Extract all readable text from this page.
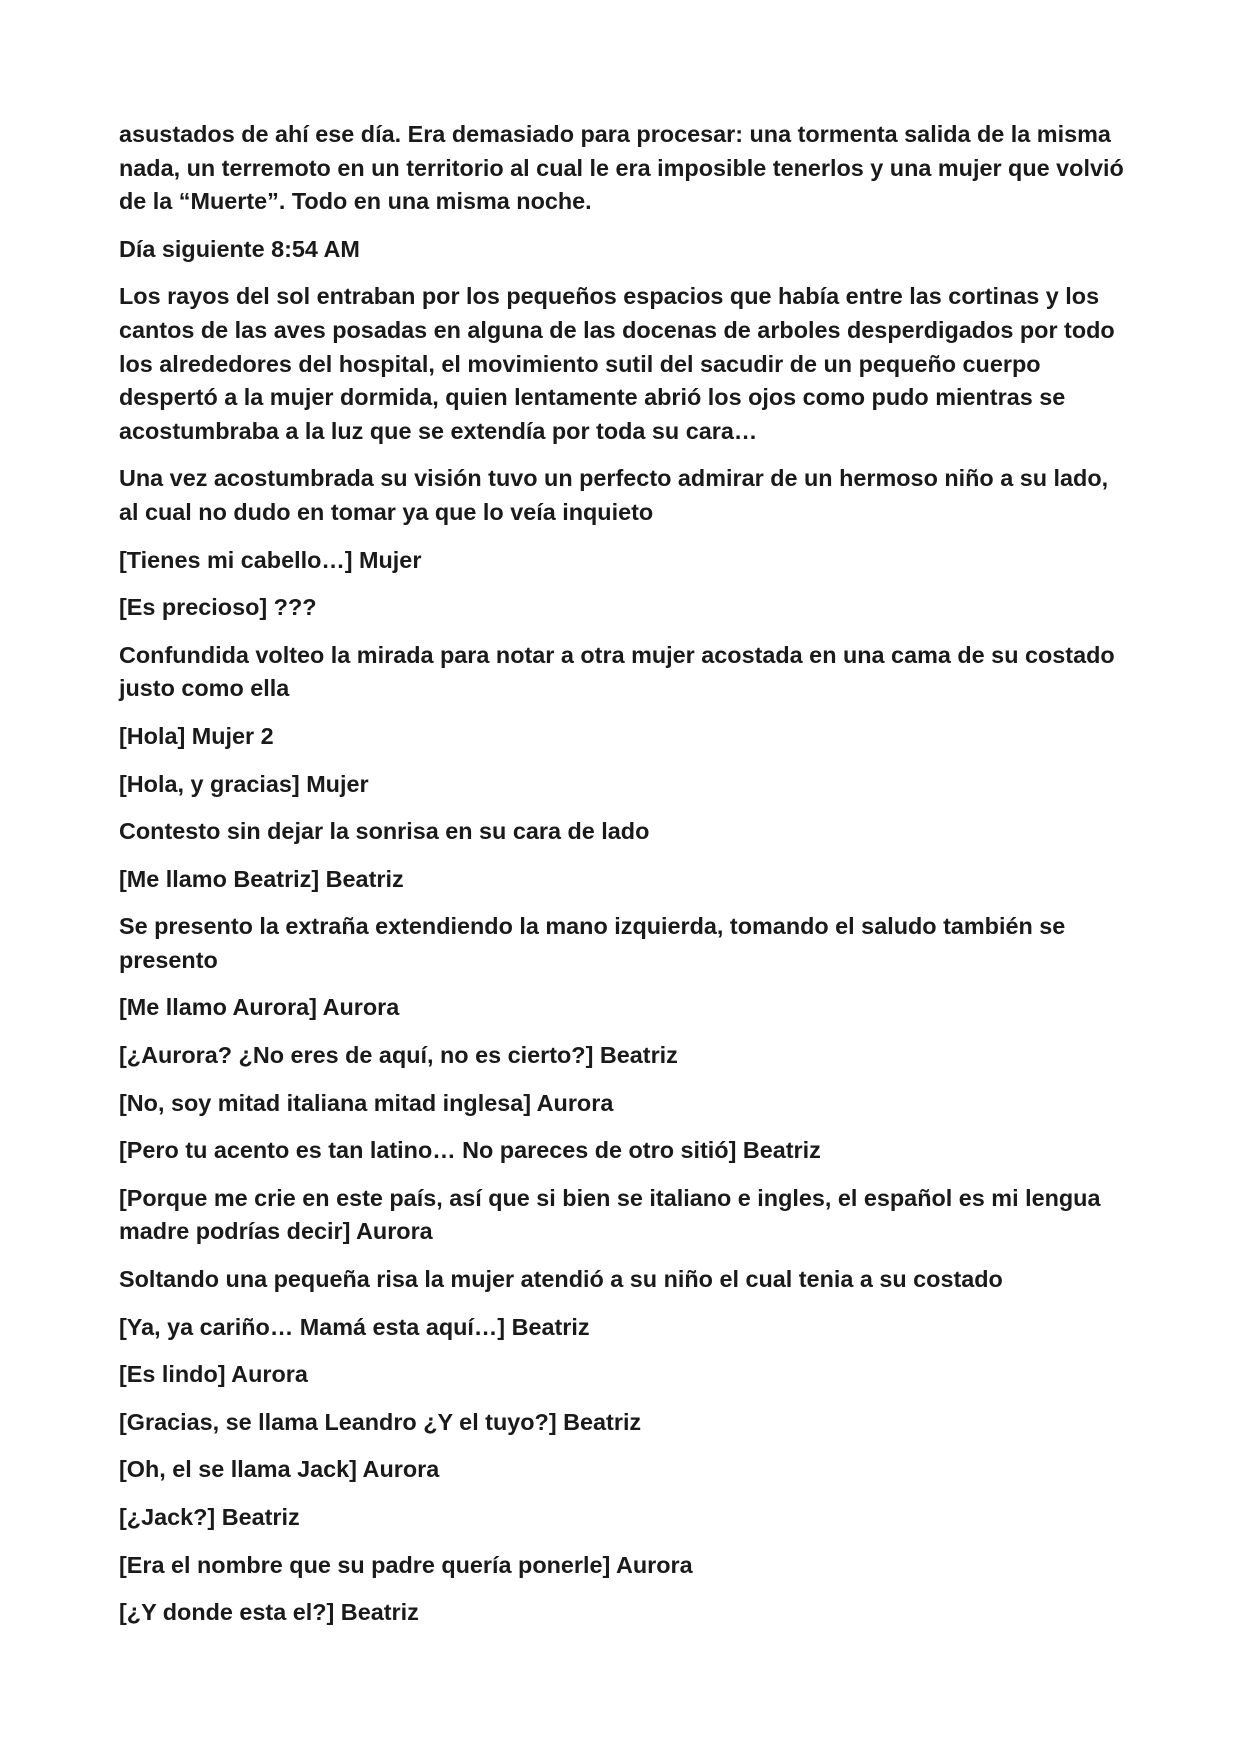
asustados de ahí ese día. Era demasiado para procesar: una tormenta salida de la misma nada, un terremoto en un territorio al cual le era imposible tenerlos y una mujer que volvió de la “Muerte”. Todo en una misma noche.

Día siguiente 8:54 AM

Los rayos del sol entraban por los pequeños espacios que había entre las cortinas y los cantos de las aves posadas en alguna de las docenas de arboles desperdigados por todo los alrededores del hospital, el movimiento sutil del sacudir de un pequeño cuerpo despertó a la mujer dormida, quien lentamente abrió los ojos como pudo mientras se acostumbraba a la luz que se extendía por toda su cara…

Una vez acostumbrada su visión tuvo un perfecto admirar de un hermoso niño a su lado, al cual no dudo en tomar ya que lo veía inquieto

[Tienes mi cabello…] Mujer

[Es precioso] ???

Confundida volteo la mirada para notar a otra mujer acostada en una cama de su costado justo como ella

[Hola] Mujer 2

[Hola, y gracias] Mujer

Contesto sin dejar la sonrisa en su cara de lado

[Me llamo Beatriz] Beatriz

Se presento la extraña extendiendo la mano izquierda, tomando el saludo también se presento

[Me llamo Aurora] Aurora

[¿Aurora? ¿No eres de aquí, no es cierto?] Beatriz

[No, soy mitad italiana mitad inglesa] Aurora

[Pero tu acento es tan latino… No pareces de otro sitió] Beatriz

[Porque me crie en este país, así que si bien se italiano e ingles, el español es mi lengua madre podrías decir] Aurora

Soltando una pequeña risa la mujer atendió a su niño el cual tenia a su costado

[Ya, ya cariño… Mamá esta aquí…] Beatriz

[Es lindo] Aurora

[Gracias, se llama Leandro ¿Y el tuyo?] Beatriz

[Oh, el se llama Jack] Aurora

[¿Jack?] Beatriz

[Era el nombre que su padre quería ponerle] Aurora

[¿Y donde esta el?] Beatriz
